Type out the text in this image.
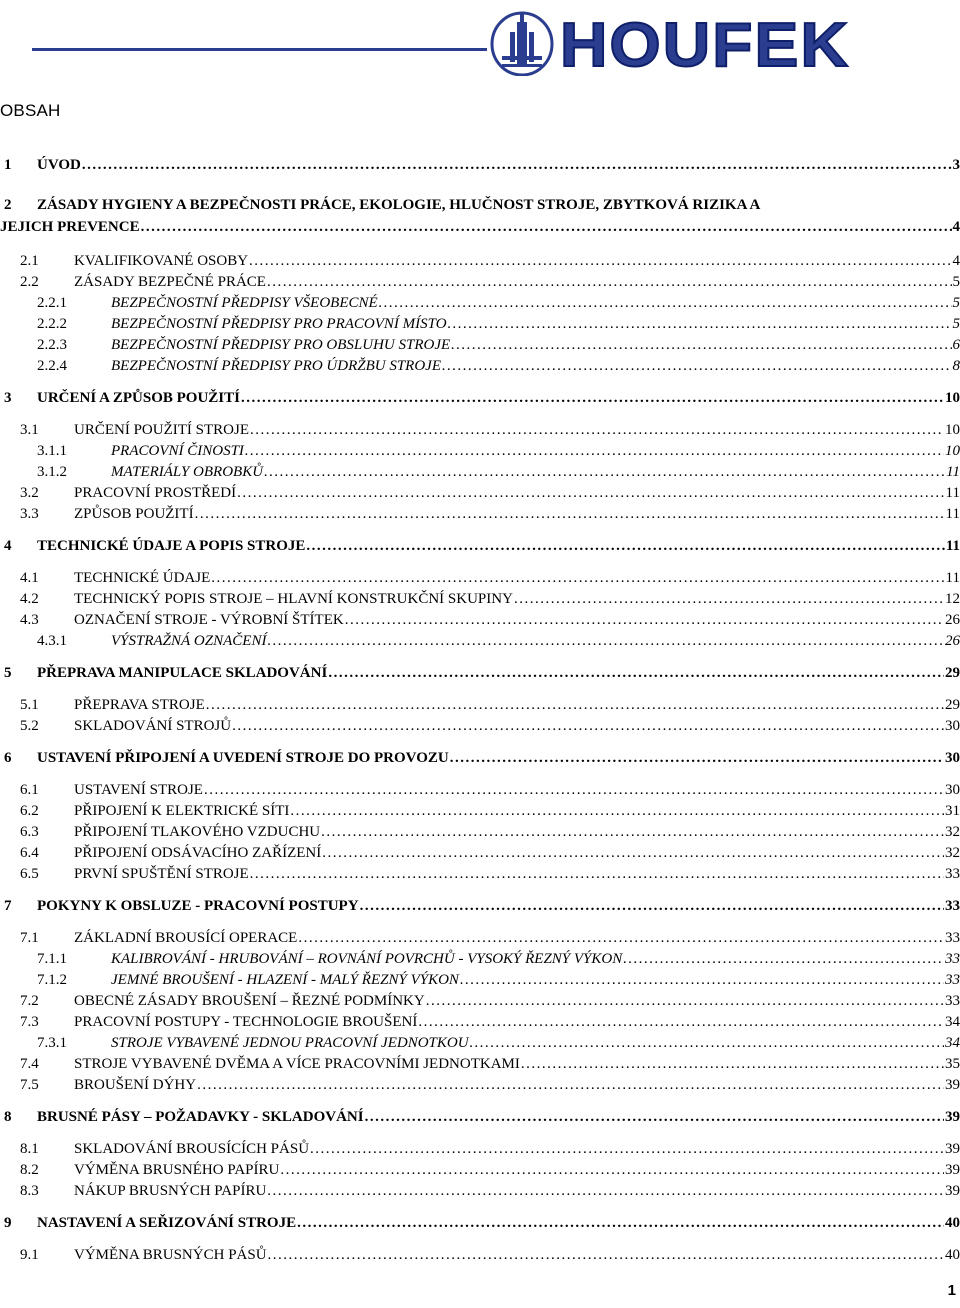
HOUFEK
OBSAH
1 ÚVOD .....	3
2 ZÁSADY HYGIENY A BEZPEČNOSTI PRÁCE, EKOLOGIE, HLUČNOST STROJE, ZBYTKOVÁ RIZIKA A
JEJICH PREVENCE .....	4
2.1 KVALIFIKOVANÉ OSOBY .....	4
2.2 ZÁSADY BEZPEČNÉ PRÁCE .....	5
2.2.1	BEZPEČNOSTNÍ PŘEDPISY VŠEOBECNÉ .....	5
2.2.2	BEZPEČNOSTNÍ PŘEDPISY PRO PRACOVNÍ MÍSTO .....	5
2.2.3	BEZPEČNOSTNÍ PŘEDPISY PRO OBSLUHU STROJE .....	6
2.2.4	BEZPEČNOSTNÍ PŘEDPISY PRO ÚDRŽBU STROJE .....	8
3 URČENÍ A ZPŮSOB POUŽITÍ .....	10
3.1 URČENÍ POUŽITÍ STROJE .....	10
3.1.1	PRACOVNÍ ČINOSTI .....	10
3.1.2	MATERIÁLY OBROBKŮ .....	11
3.2 PRACOVNÍ PROSTŘEDÍ .....	11
3.3 ZPŮSOB POUŽITÍ .....	11
4 TECHNICKÉ ÚDAJE A POPIS STROJE .....	11
4.1 TECHNICKÉ ÚDAJE .....	11
4.2 TECHNICKÝ POPIS STROJE – HLAVNÍ KONSTRUKČNÍ SKUPINY .....	12
4.3 OZNAČENÍ STROJE - VÝROBNÍ ŠTÍTEK .....	26
4.3.1	VÝSTRAŽNÁ OZNAČENÍ .....	26
5 PŘEPRAVA MANIPULACE SKLADOVÁNÍ .....	29
5.1 PŘEPRAVA STROJE .....	29
5.2 SKLADOVÁNÍ STROJŮ .....	30
6 USTAVENÍ PŘIPOJENÍ A UVEDENÍ STROJE DO PROVOZU .....	30
6.1 USTAVENÍ STROJE .....	30
6.2 PŘIPOJENÍ K ELEKTRICKÉ SÍTI .....	31
6.3 PŘIPOJENÍ TLAKOVÉHO VZDUCHU .....	32
6.4 PŘIPOJENÍ ODSÁVACÍHO ZAŘÍZENÍ .....	32
6.5 PRVNÍ SPUŠTĚNÍ STROJE .....	33
7 POKYNY K OBSLUZE - PRACOVNÍ POSTUPY .....	33
7.1 ZÁKLADNÍ BROUSÍCÍ OPERACE .....	33
7.1.1	KALIBROVÁNÍ - HRUBOVÁNÍ – ROVNÁNÍ POVRCHŮ - VYSOKÝ ŘEZNÝ VÝKON .....	33
7.1.2	JEMNÉ BROUŠENÍ - HLAZENÍ - MALÝ ŘEZNÝ VÝKON .....	33
7.2 OBECNÉ ZÁSADY BROUŠENÍ – ŘEZNÉ PODMÍNKY .....	33
7.3 PRACOVNÍ POSTUPY - TECHNOLOGIE BROUŠENÍ .....	34
7.3.1	STROJE VYBAVENÉ JEDNOU PRACOVNÍ JEDNOTKOU .....	34
7.4 STROJE VYBAVENÉ DVĚMA A VÍCE PRACOVNÍMI JEDNOTKAMI .....	35
7.5 BROUŠENÍ DÝHY .....	39
8 BRUSNÉ PÁSY – POŽADAVKY - SKLADOVÁNÍ .....	39
8.1 SKLADOVÁNÍ BROUSÍCÍCH PÁSŮ .....	39
8.2 VÝMĚNA BRUSNÉHO PAPÍRU .....	39
8.3 NÁKUP BRUSNÝCH PAPÍRU .....	39
9 NASTAVENÍ A SEŘIZOVÁNÍ STROJE .....	40
9.1 VÝMĚNA BRUSNÝCH PÁSŮ .....	40
1
